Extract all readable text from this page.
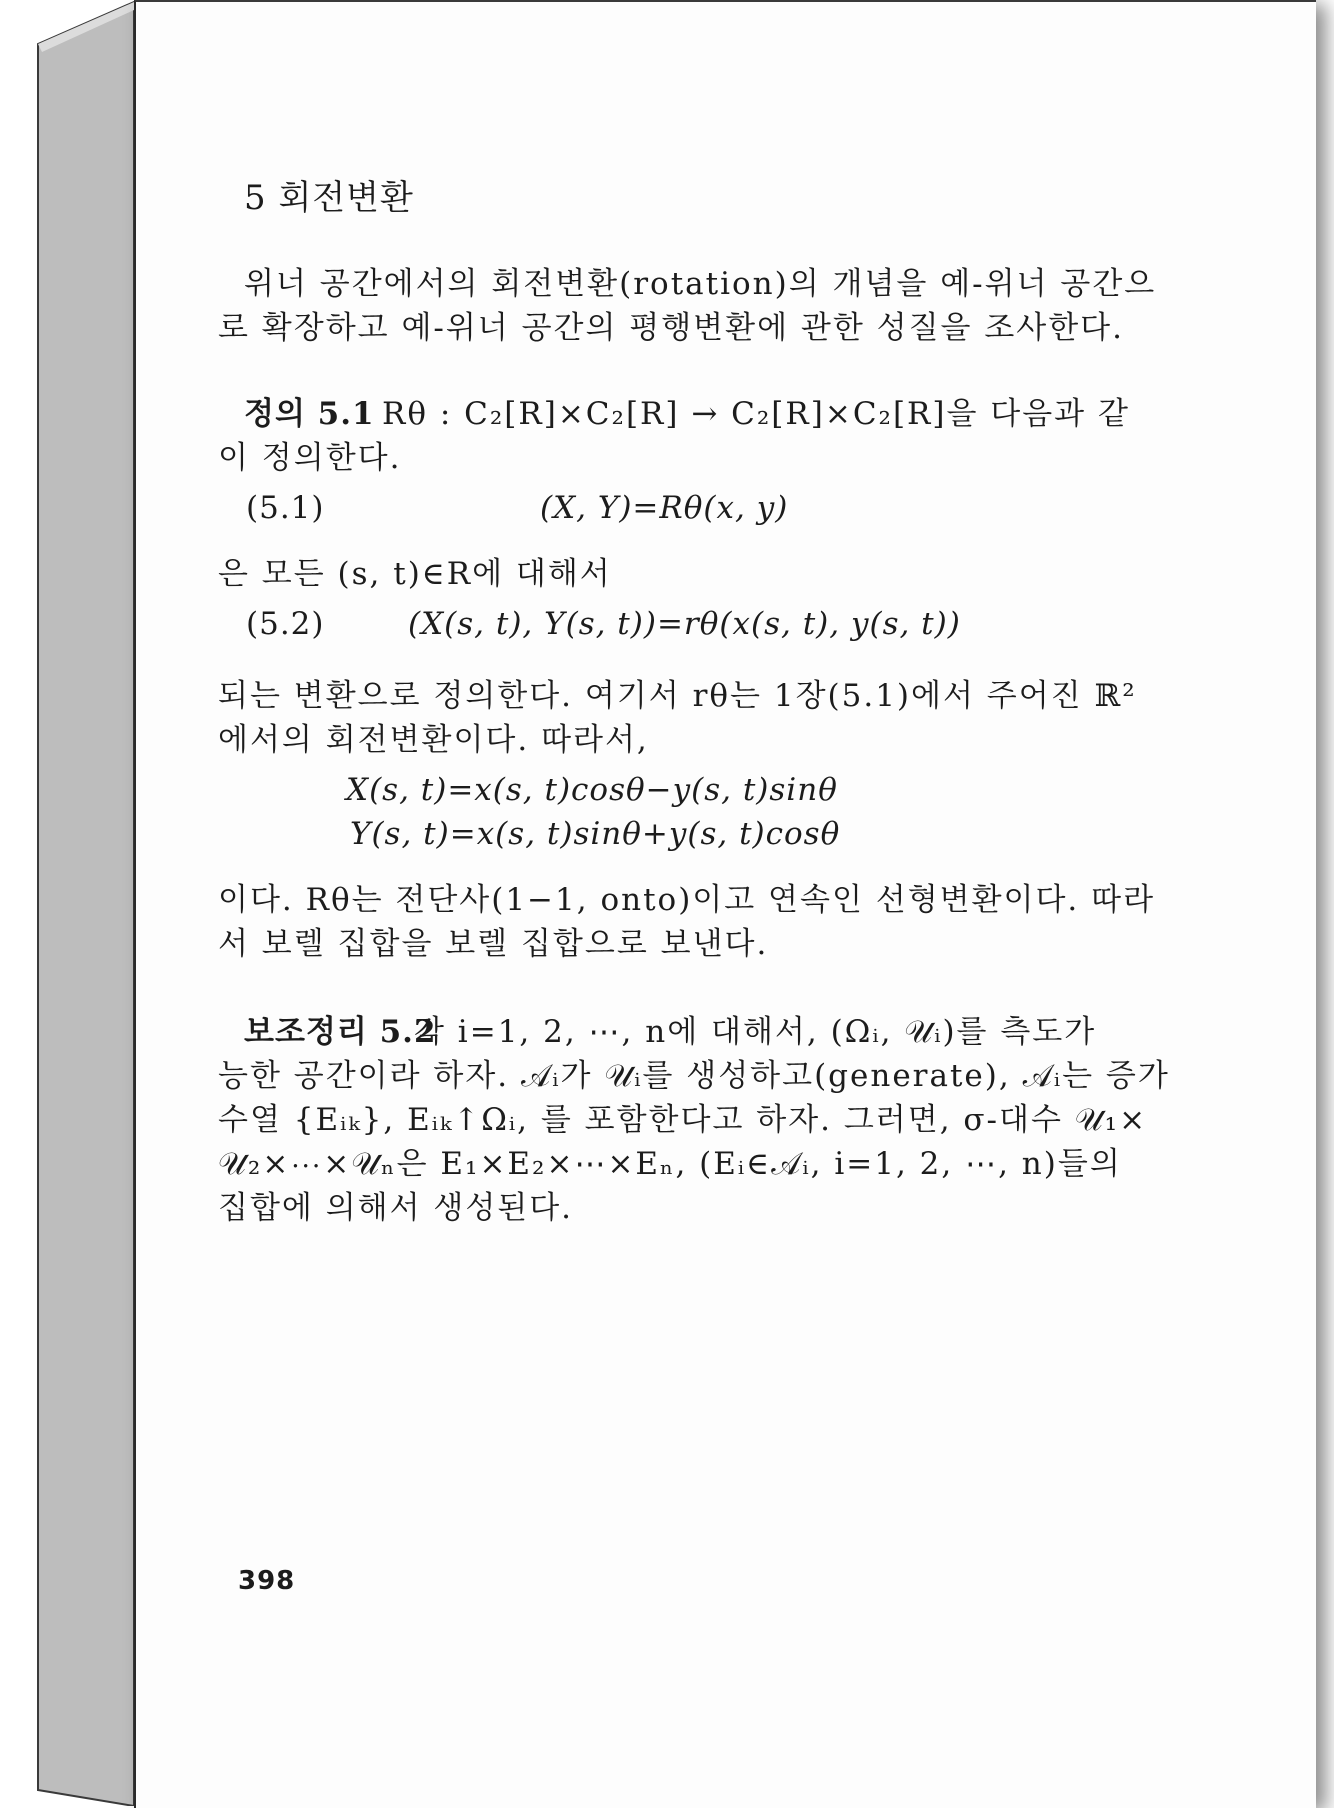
5 회전변환
위너 공간에서의 회전변환(rotation)의 개념을 예-위너 공간으
로 확장하고 예-위너 공간의 평행변환에 관한 성질을 조사한다.
정의 5.1 Rθ : C₂[R]×C₂[R] → C₂[R]×C₂[R]을 다음과 같
이 정의한다.
(5.1)	(X, Y)=Rθ(x, y)
은 모든 (s, t)∈R에 대해서
(5.2)	(X(s, t), Y(s, t))=rθ(x(s, t), y(s, t))
되는 변환으로 정의한다. 여기서 rθ는 1장(5.1)에서 주어진 ℝ²
에서의 회전변환이다. 따라서,
X(s, t)=x(s, t)cosθ−y(s, t)sinθ
Y(s, t)=x(s, t)sinθ+y(s, t)cosθ
이다. Rθ는 전단사(1−1, onto)이고 연속인 선형변환이다. 따라
서 보렐 집합을 보렐 집합으로 보낸다.
보조정리 5.2
각 i=1, 2, ⋯, n에 대해서, (Ωᵢ, 𝒰ᵢ)를 측도가
능한 공간이라 하자. 𝒜ᵢ가 𝒰ᵢ를 생성하고(generate), 𝒜ᵢ는 증가
수열 {Eᵢₖ}, Eᵢₖ↑Ωᵢ, 를 포함한다고 하자. 그러면, σ-대수 𝒰₁×
𝒰₂×⋯×𝒰ₙ은 E₁×E₂×⋯×Eₙ, (Eᵢ∈𝒜ᵢ, i=1, 2, ⋯, n)들의
집합에 의해서 생성된다.
398
